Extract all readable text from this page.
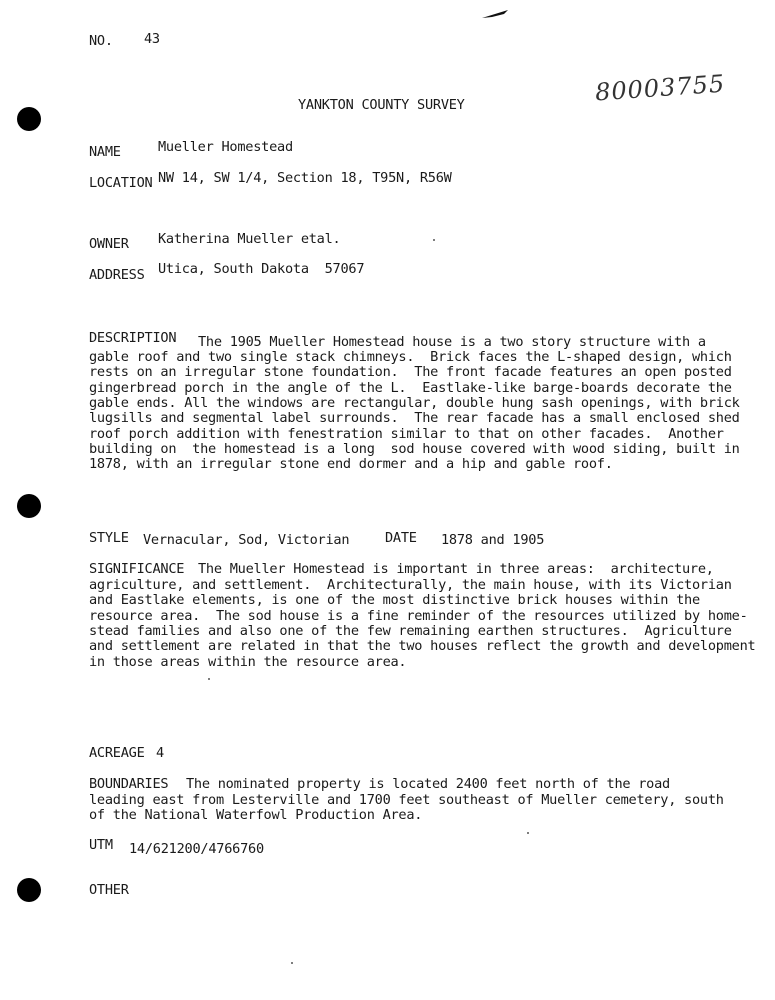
NO. 43
80003755
YANKTON COUNTY SURVEY
NAME	Mueller Homestead
LOCATION NW 14, SW 1/4, Section 18, T95N, R56W
OWNER Katherina Mueller etal.
ADDRESS Utica, South Dakota  57067
DESCRIPTION The 1905 Mueller Homestead house is a two story structure with a
gable roof and two single stack chimneys.  Brick faces the L-shaped design, which
rests on an irregular stone foundation.  The front facade features an open posted
gingerbread porch in the angle of the L.  Eastlake-like barge-boards decorate the
gable ends. All the windows are rectangular, double hung sash openings, with brick
lugsills and segmental label surrounds.  The rear facade has a small enclosed shed
roof porch addition with fenestration similar to that on other facades.  Another
building on  the homestead is a long  sod house covered with wood siding, built in
1878, with an irregular stone end dormer and a hip and gable roof.
STYLE Vernacular, Sod, Victorian	DATE 1878 and 1905
SIGNIFICANCE The Mueller Homestead is important in three areas:  architecture,
agriculture, and settlement.  Architecturally, the main house, with its Victorian
and Eastlake elements, is one of the most distinctive brick houses within the
resource area.  The sod house is a fine reminder of the resources utilized by home-
stead families and also one of the few remaining earthen structures.  Agriculture
and settlement are related in that the two houses reflect the growth and development
in those areas within the resource area.
ACREAGE 4
BOUNDARIES The nominated property is located 2400 feet north of the road
leading east from Lesterville and 1700 feet southeast of Mueller cemetery, south
of the National Waterfowl Production Area.
UTM 14/621200/4766760
OTHER
